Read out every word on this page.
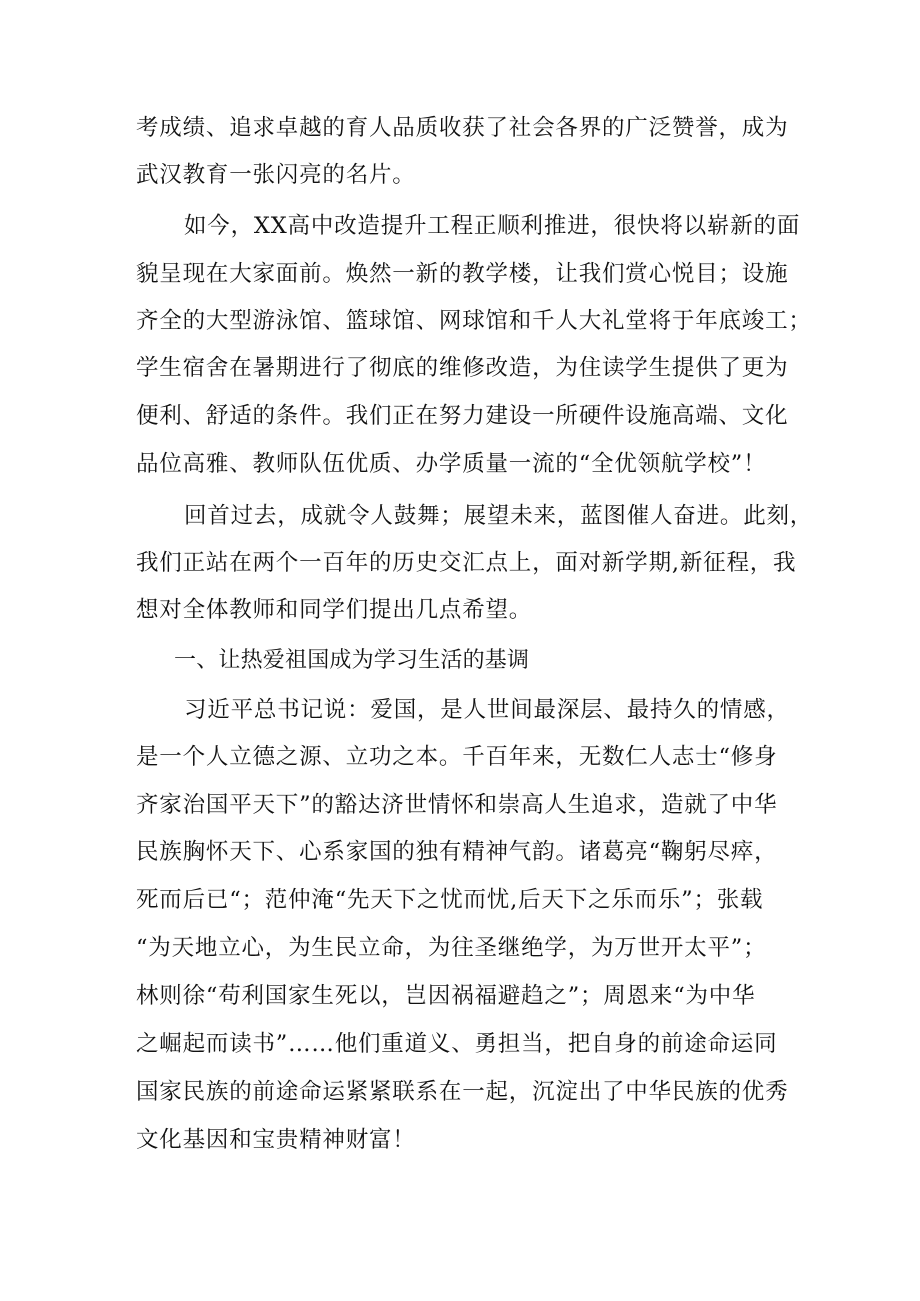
考成绩、追求卓越的育人品质收获了社会各界的广泛赞誉，成为
武汉教育一张闪亮的名片。
如今，XX高中改造提升工程正顺利推进，很快将以崭新的面
貌呈现在大家面前。焕然一新的教学楼，让我们赏心悦目；设施
齐全的大型游泳馆、篮球馆、网球馆和千人大礼堂将于年底竣工；
学生宿舍在暑期进行了彻底的维修改造，为住读学生提供了更为
便利、舒适的条件。我们正在努力建设一所硬件设施高端、文化
品位高雅、教师队伍优质、办学质量一流的“全优领航学校”！
回首过去，成就令人鼓舞；展望未来，蓝图催人奋进。此刻，
我们正站在两个一百年的历史交汇点上，面对新学期,新征程，我
想对全体教师和同学们提出几点希望。
一、让热爱祖国成为学习生活的基调
习近平总书记说：爱国，是人世间最深层、最持久的情感，
是一个人立德之源、立功之本。千百年来，无数仁人志士“修身
齐家治国平天下”的豁达济世情怀和崇高人生追求，造就了中华
民族胸怀天下、心系家国的独有精神气韵。诸葛亮“鞠躬尽瘁，
死而后已“；范仲淹“先天下之忧而忧,后天下之乐而乐”；张载
“为天地立心，为生民立命，为往圣继绝学，为万世开太平”；
林则徐“苟利国家生死以，岂因祸福避趋之”；周恩来“为中华
之崛起而读书”……他们重道义、勇担当，把自身的前途命运同
国家民族的前途命运紧紧联系在一起，沉淀出了中华民族的优秀
文化基因和宝贵精神财富！
